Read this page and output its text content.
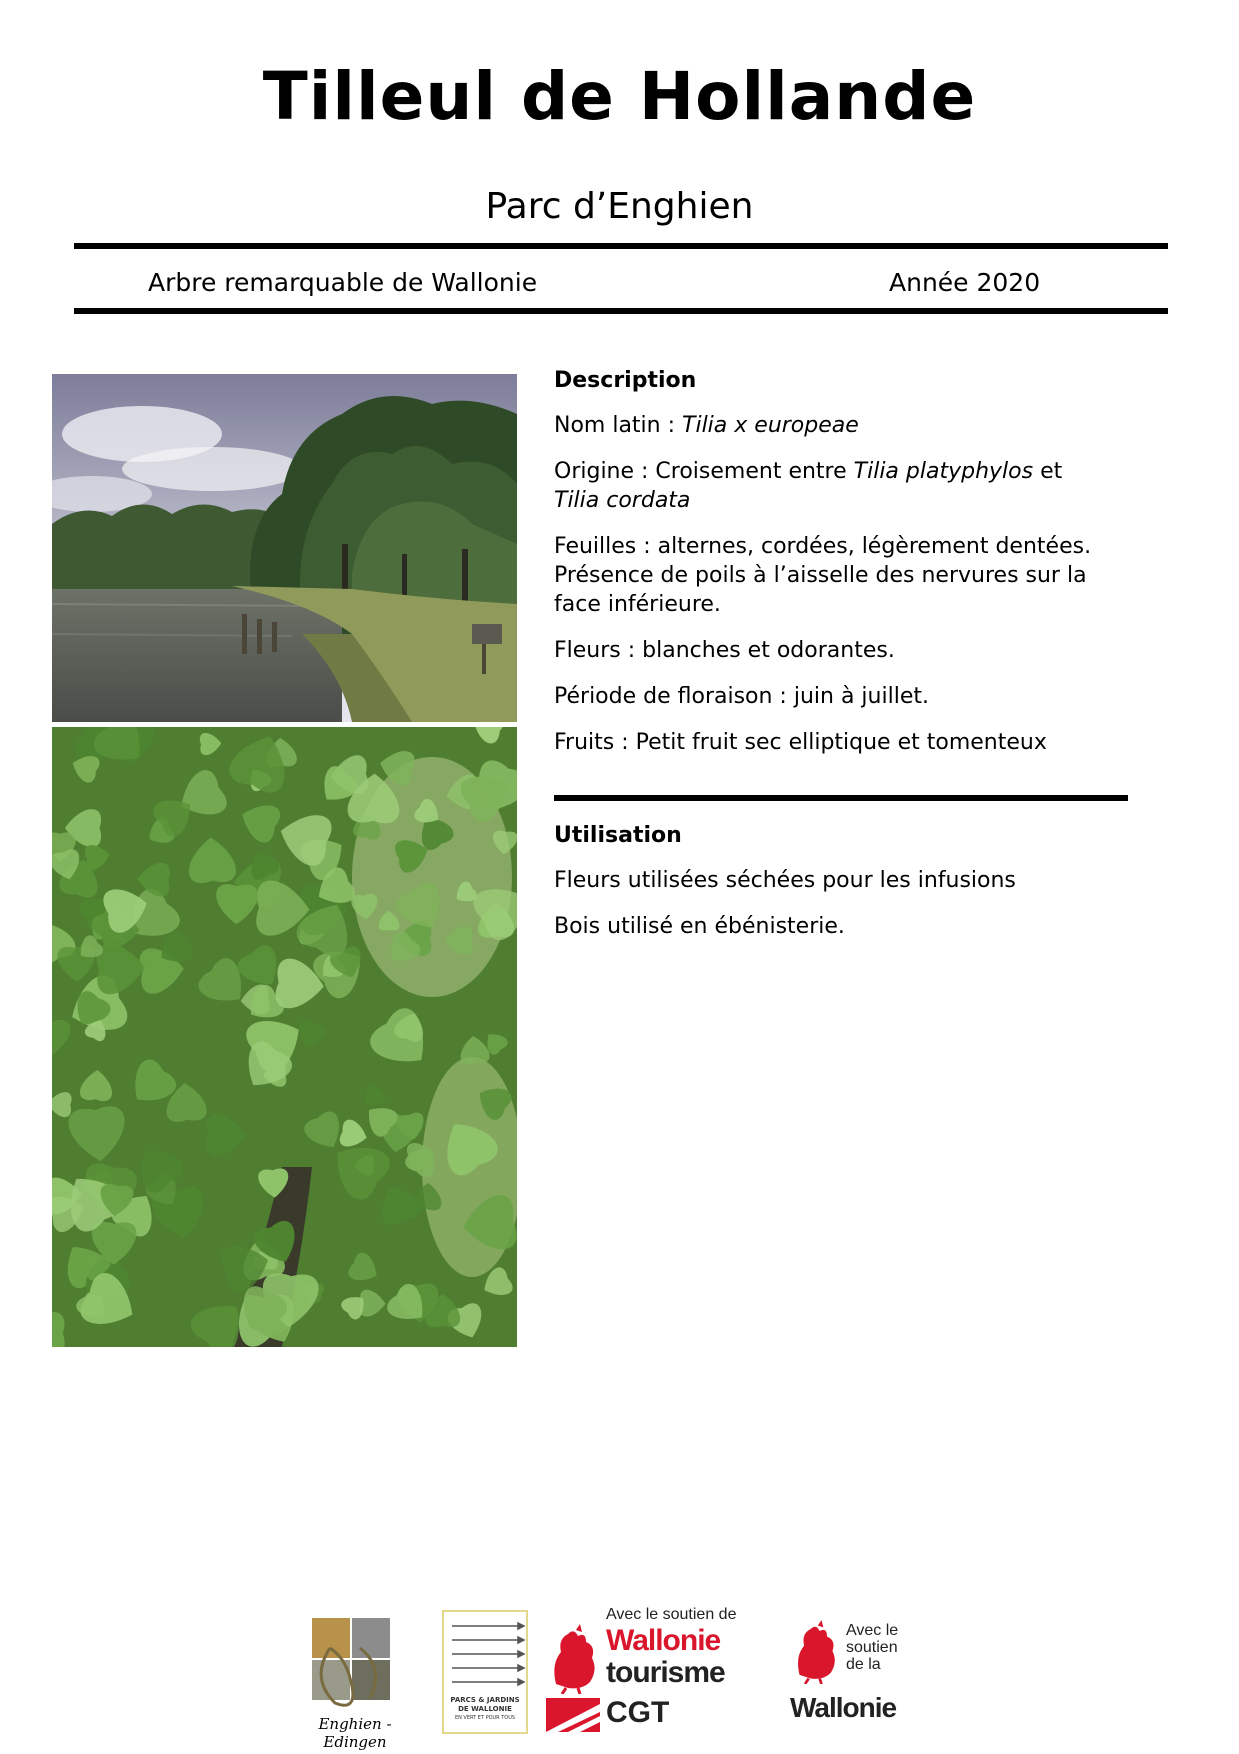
Tilleul de Hollande
Parc d’Enghien
Arbre remarquable de Wallonie	Année 2020
Description

Nom latin : Tilia x europeae

Origine : Croisement entre Tilia platyphylos et Tilia cordata

Feuilles : alternes, cordées, légèrement dentées. Présence de poils à l’aisselle des nervures sur la face inférieure.

Fleurs : blanches et odorantes.

Période de floraison : juin à juillet.

Fruits : Petit fruit sec elliptique et tomenteux

Utilisation

Fleurs utilisées séchées pour les infusions

Bois utilisé en ébénisterie.

Enghien - Edingen
PARCS & JARDINS
DE WALLONIE
EN VERT ET POUR TOUS
Avec le soutien de
Wallonie
tourisme
CGT
Avec le
soutien
de la
Wallonie
